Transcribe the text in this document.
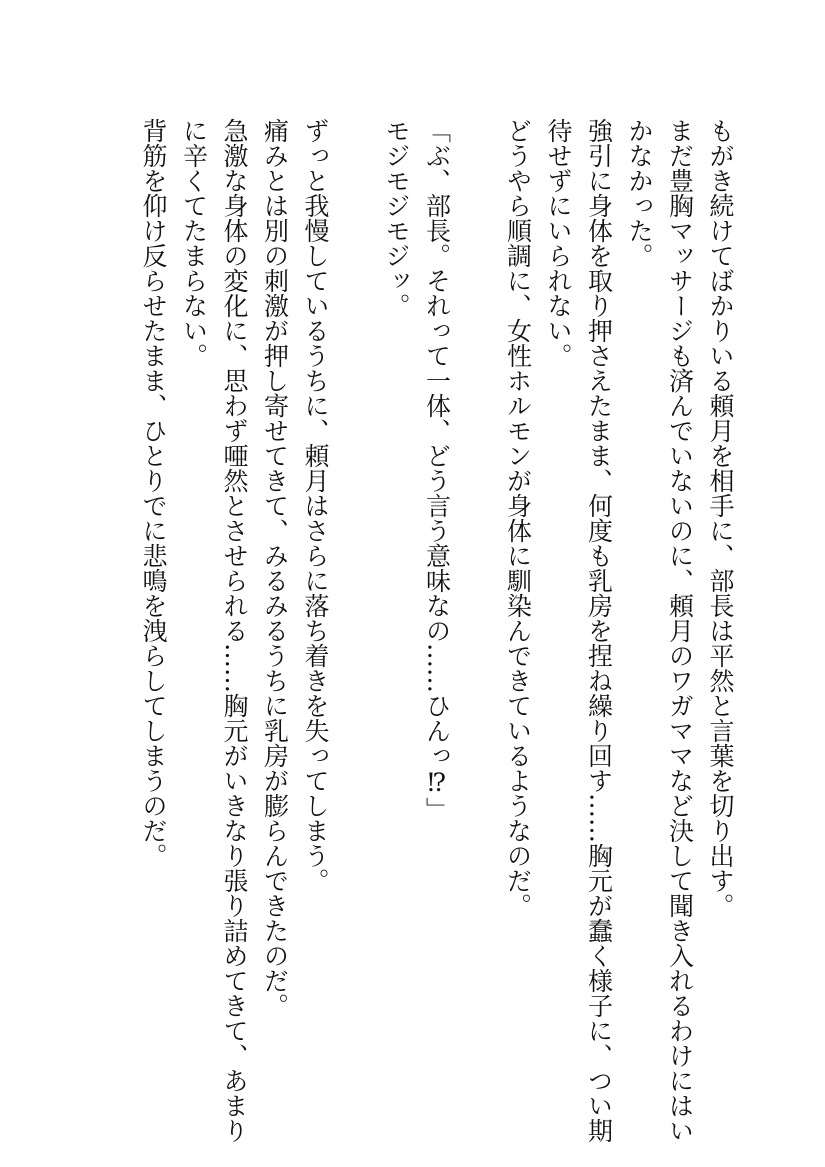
もがき続けてばかりいる頼月を相手に、部長は平然と言葉を切り出す。
まだ豊胸マッサージも済んでいないのに、頼月のワガママなど決して聞き入れるわけにはい
かなかった。
強引に身体を取り押さえたまま、何度も乳房を捏ね繰り回す……胸元が蠢く様子に、つい期
待せずにいられない。
どうやら順調に、女性ホルモンが身体に馴染んできているようなのだ。
「ぶ、部長。それって一体、どう言う意味なの……ひんっ⁉」
モジモジモジッ。
ずっと我慢しているうちに、頼月はさらに落ち着きを失ってしまう。
痛みとは別の刺激が押し寄せてきて、みるみるうちに乳房が膨らんできたのだ。
急激な身体の変化に、思わず唖然とさせられる……胸元がいきなり張り詰めてきて、あまり
に辛くてたまらない。
背筋を仰け反らせたまま、ひとりでに悲鳴を洩らしてしまうのだ。
